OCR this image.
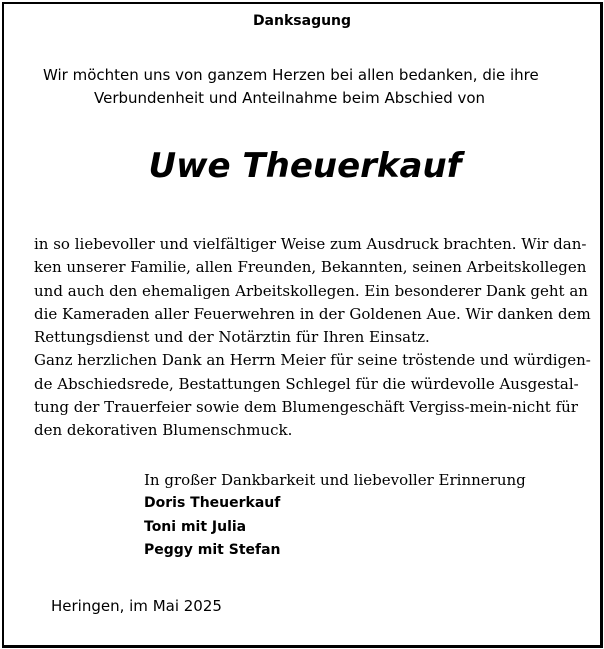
Danksagung
Wir möchten uns von ganzem Herzen bei allen bedanken, die ihre
Verbundenheit und Anteilnahme beim Abschied von
Uwe Theuerkauf
in so liebevoller und vielfältiger Weise zum Ausdruck brachten. Wir dan-
ken unserer Familie, allen Freunden, Bekannten, seinen Arbeitskollegen
und auch den ehemaligen Arbeitskollegen. Ein besonderer Dank geht an
die Kameraden aller Feuerwehren in der Goldenen Aue. Wir danken dem
Rettungsdienst und der Notärztin für Ihren Einsatz.
Ganz herzlichen Dank an Herrn Meier für seine tröstende und würdigen-
de Abschiedsrede, Bestattungen Schlegel für die würdevolle Ausgestal-
tung der Trauerfeier sowie dem Blumengeschäft Vergiss-mein-nicht für
den dekorativen Blumenschmuck.
In großer Dankbarkeit und liebevoller Erinnerung
Doris Theuerkauf
Toni mit Julia
Peggy mit Stefan
Heringen, im Mai 2025
